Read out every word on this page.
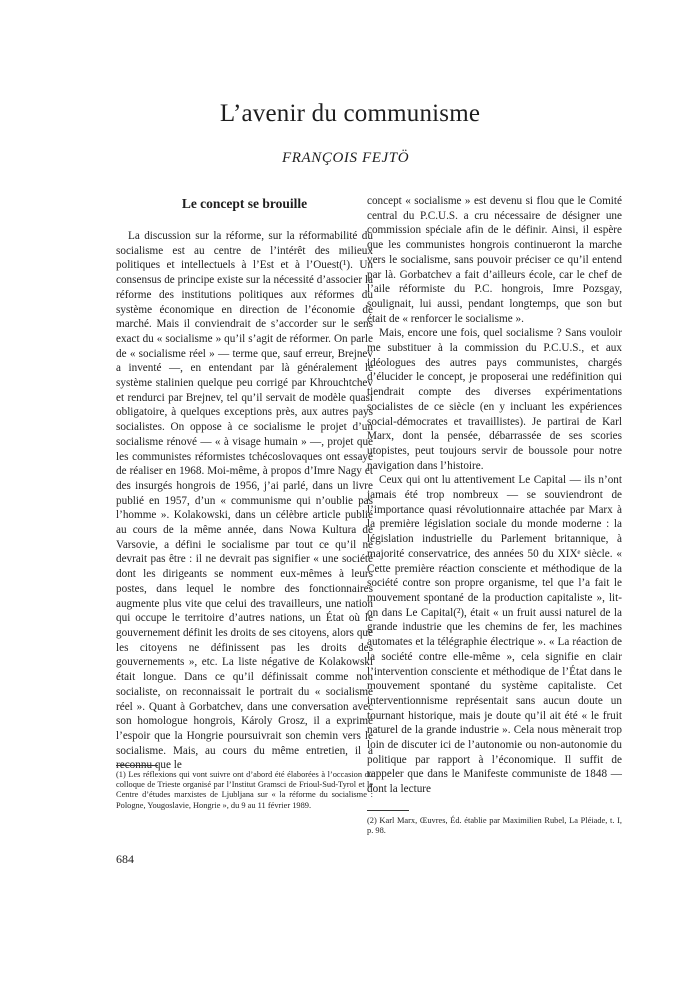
L’avenir du communisme
FRANÇOIS FEJTÖ
Le concept se brouille

La discussion sur la réforme, sur la réformabilité du socialisme est au centre de l’intérêt des milieux politiques et intellectuels à l’Est et à l’Ouest(¹). Un consensus de principe existe sur la nécessité d’associer la réforme des institutions politiques aux réformes du système économique en direction de l’économie de marché. Mais il conviendrait de s’accorder sur le sens exact du « socialisme » qu’il s’agit de réformer. On parle de « socialisme réel » — terme que, sauf erreur, Brejnev a inventé —, en entendant par là généralement le système stalinien quelque peu corrigé par Khrouchtchev et rendurci par Brejnev, tel qu’il servait de modèle quasi obligatoire, à quelques exceptions près, aux autres pays socialistes. On oppose à ce socialisme le projet d’un socialisme rénové — « à visage humain » —, projet que les communistes réformistes tchécoslovaques ont essayé de réaliser en 1968. Moi-même, à propos d’Imre Nagy et des insurgés hongrois de 1956, j’ai parlé, dans un livre publié en 1957, d’un « communisme qui n’oublie pas l’homme ». Kolakowski, dans un célèbre article publié au cours de la même année, dans Nowa Kultura de Varsovie, a défini le socialisme par tout ce qu’il ne devrait pas être : il ne devrait pas signifier « une société dont les dirigeants se nomment eux-mêmes à leurs postes, dans lequel le nombre des fonctionnaires augmente plus vite que celui des travailleurs, une nation qui occupe le territoire d’autres nations, un État où le gouvernement définit les droits de ses citoyens, alors que les citoyens ne définissent pas les droits des gouvernements », etc. La liste négative de Kolakowski était longue. Dans ce qu’il définissait comme non socialiste, on reconnaissait le portrait du « socialisme réel ». Quant à Gorbatchev, dans une conversation avec son homologue hongrois, Károly Grosz, il a exprimé l’espoir que la Hongrie poursuivrait son chemin vers le socialisme. Mais, au cours du même entretien, il a reconnu que le

concept « socialisme » est devenu si flou que le Comité central du P.C.U.S. a cru nécessaire de désigner une commission spéciale afin de le définir. Ainsi, il espère que les communistes hongrois continueront la marche vers le socialisme, sans pouvoir préciser ce qu’il entend par là. Gorbatchev a fait d’ailleurs école, car le chef de l’aile réformiste du P.C. hongrois, Imre Pozsgay, soulignait, lui aussi, pendant longtemps, que son but était de « renforcer le socialisme ».

Mais, encore une fois, quel socialisme ? Sans vouloir me substituer à la commission du P.C.U.S., et aux idéologues des autres pays communistes, chargés d’élucider le concept, je proposerai une redéfinition qui tiendrait compte des diverses expérimentations socialistes de ce siècle (en y incluant les expériences social-démocrates et travaillistes). Je partirai de Karl Marx, dont la pensée, débarrassée de ses scories utopistes, peut toujours servir de boussole pour notre navigation dans l’histoire.

Ceux qui ont lu attentivement Le Capital — ils n’ont jamais été trop nombreux — se souviendront de l’importance quasi révolutionnaire attachée par Marx à la première législation sociale du monde moderne : la législation industrielle du Parlement britannique, à majorité conservatrice, des années 50 du XIXᵉ siècle. « Cette première réaction consciente et méthodique de la société contre son propre organisme, tel que l’a fait le mouvement spontané de la production capitaliste », lit-on dans Le Capital(²), était « un fruit aussi naturel de la grande industrie que les chemins de fer, les machines automates et la télégraphie électrique ». « La réaction de la société contre elle-même », cela signifie en clair l’intervention consciente et méthodique de l’État dans le mouvement spontané du système capitaliste. Cet interventionnisme représentait sans aucun doute un tournant historique, mais je doute qu’il ait été « le fruit naturel de la grande industrie ». Cela nous mènerait trop loin de discuter ici de l’autonomie ou non-autonomie du politique par rapport à l’économique. Il suffit de rappeler que dans le Manifeste communiste de 1848 — dont la lecture

(1) Les réflexions qui vont suivre ont d’abord été élaborées à l’occasion du colloque de Trieste organisé par l’Institut Gramsci de Frioul-Sud-Tyrol et le Centre d’études marxistes de Ljubljana sur « la réforme du socialisme : Pologne, Yougoslavie, Hongrie », du 9 au 11 février 1989.
(2) Karl Marx, Œuvres, Éd. établie par Maximilien Rubel, La Pléiade, t. I, p. 98.
684
